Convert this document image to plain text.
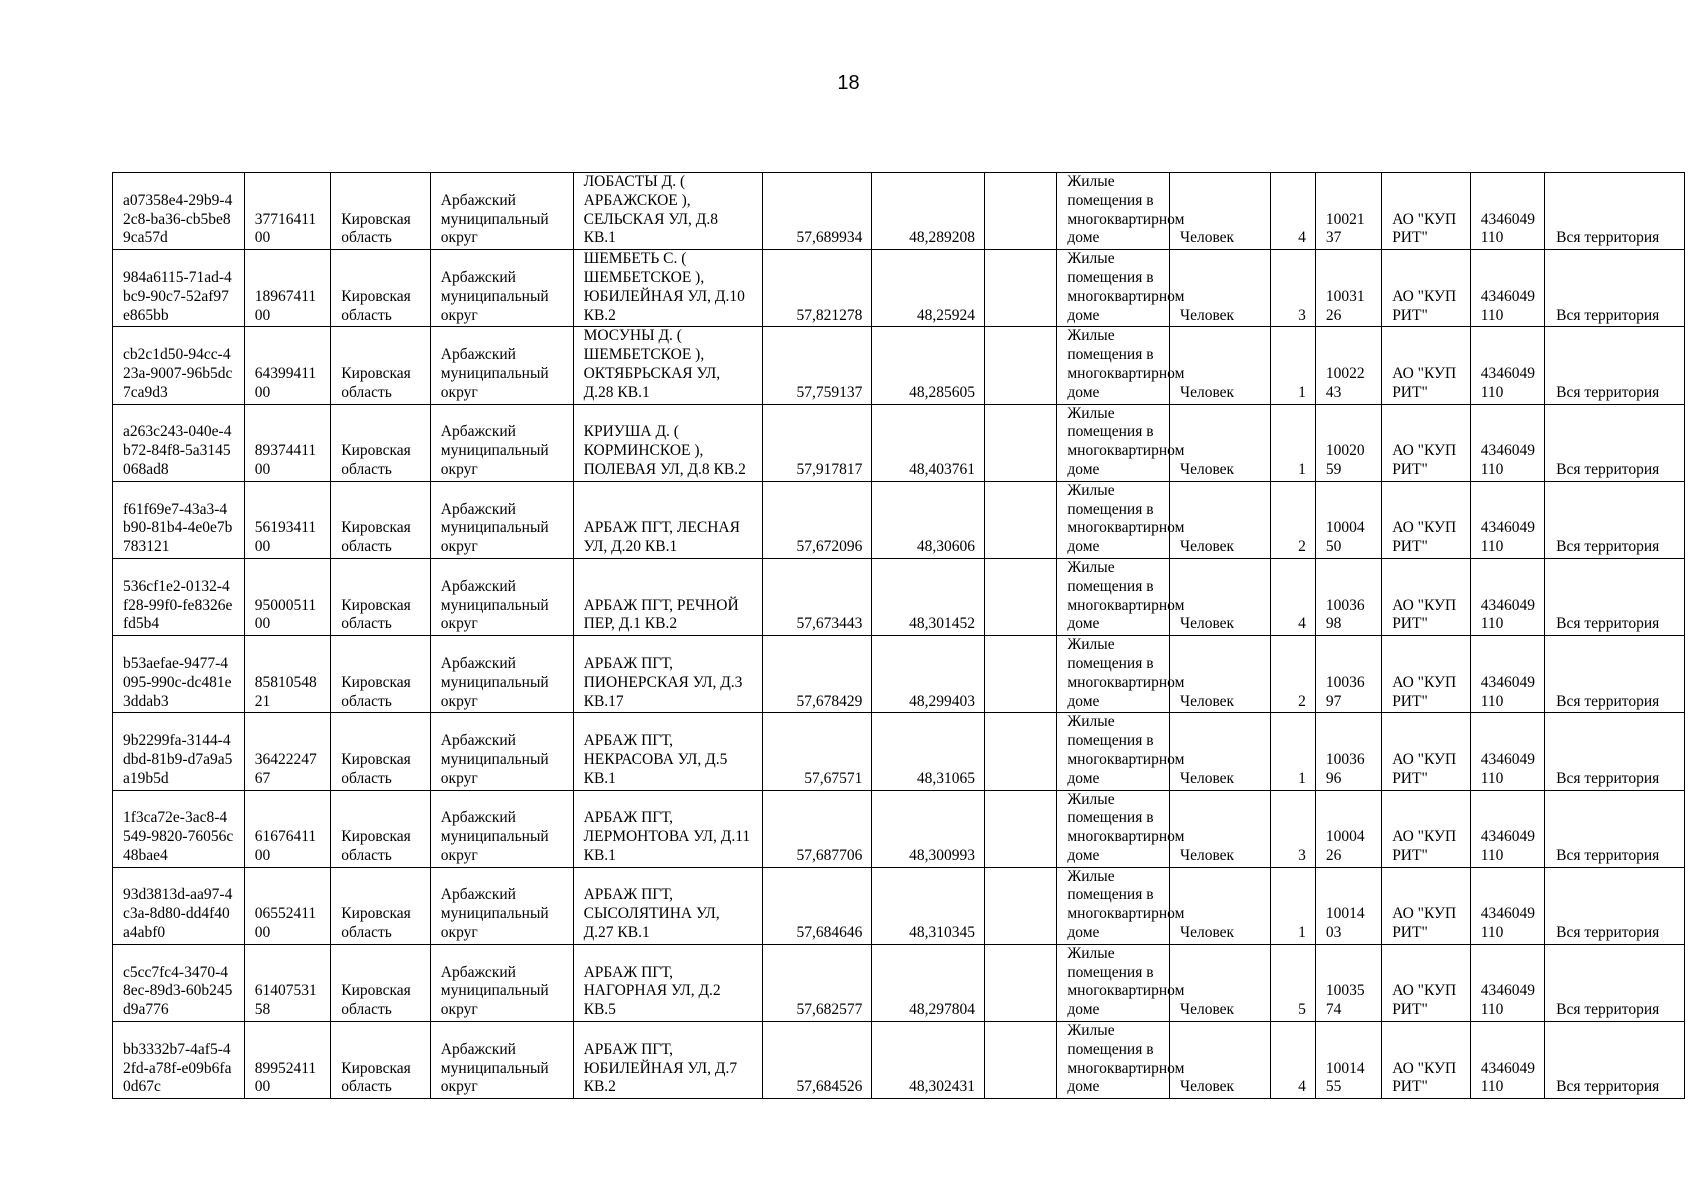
18
a07358e4-29b9-42c8-ba36-cb5be89ca57d	3771641100	Кировская область	Арбажский муниципальный округ	ЛОБАСТЫ Д. ( АРБАЖСКОЕ ), СЕЛЬСКАЯ УЛ, Д.8 КВ.1	57,689934	48,289208		Жилые помещения в многоквартирном доме	Человек	4	1002137	АО "КУПРИТ"	4346049110	Вся территория
984a6115-71ad-4bc9-90c7-52af97e865bb	1896741100	Кировская область	Арбажский муниципальный округ	ШЕМБЕТЬ С. ( ШЕМБЕТСКОЕ ), ЮБИЛЕЙНАЯ УЛ, Д.10 КВ.2	57,821278	48,25924		Жилые помещения в многоквартирном доме	Человек	3	1003126	АО "КУПРИТ"	4346049110	Вся территория
cb2c1d50-94cc-423a-9007-96b5dc7ca9d3	6439941100	Кировская область	Арбажский муниципальный округ	МОСУНЫ Д. ( ШЕМБЕТСКОЕ ), ОКТЯБРЬСКАЯ УЛ, Д.28 КВ.1	57,759137	48,285605		Жилые помещения в многоквартирном доме	Человек	1	1002243	АО "КУПРИТ"	4346049110	Вся территория
a263c243-040e-4b72-84f8-5a3145068ad8	8937441100	Кировская область	Арбажский муниципальный округ	КРИУША Д. ( КОРМИНСКОЕ ), ПОЛЕВАЯ УЛ, Д.8 КВ.2	57,917817	48,403761		Жилые помещения в многоквартирном доме	Человек	1	1002059	АО "КУПРИТ"	4346049110	Вся территория
f61f69e7-43a3-4b90-81b4-4e0e7b783121	5619341100	Кировская область	Арбажский муниципальный округ	АРБАЖ ПГТ, ЛЕСНАЯ УЛ, Д.20 КВ.1	57,672096	48,30606		Жилые помещения в многоквартирном доме	Человек	2	1000450	АО "КУПРИТ"	4346049110	Вся территория
536cf1e2-0132-4f28-99f0-fe8326efd5b4	9500051100	Кировская область	Арбажский муниципальный округ	АРБАЖ ПГТ, РЕЧНОЙ ПЕР, Д.1 КВ.2	57,673443	48,301452		Жилые помещения в многоквартирном доме	Человек	4	1003698	АО "КУПРИТ"	4346049110	Вся территория
b53aefae-9477-4095-990c-dc481e3ddab3	8581054821	Кировская область	Арбажский муниципальный округ	АРБАЖ ПГТ, ПИОНЕРСКАЯ УЛ, Д.3 КВ.17	57,678429	48,299403		Жилые помещения в многоквартирном доме	Человек	2	1003697	АО "КУПРИТ"	4346049110	Вся территория
9b2299fa-3144-4dbd-81b9-d7a9a5a19b5d	3642224767	Кировская область	Арбажский муниципальный округ	АРБАЖ ПГТ, НЕКРАСОВА УЛ, Д.5 КВ.1	57,67571	48,31065		Жилые помещения в многоквартирном доме	Человек	1	1003696	АО "КУПРИТ"	4346049110	Вся территория
1f3ca72e-3ac8-4549-9820-76056c48bae4	6167641100	Кировская область	Арбажский муниципальный округ	АРБАЖ ПГТ, ЛЕРМОНТОВА УЛ, Д.11 КВ.1	57,687706	48,300993		Жилые помещения в многоквартирном доме	Человек	3	1000426	АО "КУПРИТ"	4346049110	Вся территория
93d3813d-aa97-4c3a-8d80-dd4f40a4abf0	0655241100	Кировская область	Арбажский муниципальный округ	АРБАЖ ПГТ, СЫСОЛЯТИНА УЛ, Д.27 КВ.1	57,684646	48,310345		Жилые помещения в многоквартирном доме	Человек	1	1001403	АО "КУПРИТ"	4346049110	Вся территория
c5cc7fc4-3470-48ec-89d3-60b245d9a776	6140753158	Кировская область	Арбажский муниципальный округ	АРБАЖ ПГТ, НАГОРНАЯ УЛ, Д.2 КВ.5	57,682577	48,297804		Жилые помещения в многоквартирном доме	Человек	5	1003574	АО "КУПРИТ"	4346049110	Вся территория
bb3332b7-4af5-42fd-a78f-e09b6fa0d67c	8995241100	Кировская область	Арбажский муниципальный округ	АРБАЖ ПГТ, ЮБИЛЕЙНАЯ УЛ, Д.7 КВ.2	57,684526	48,302431		Жилые помещения в многоквартирном доме	Человек	4	1001455	АО "КУПРИТ"	4346049110	Вся территория
